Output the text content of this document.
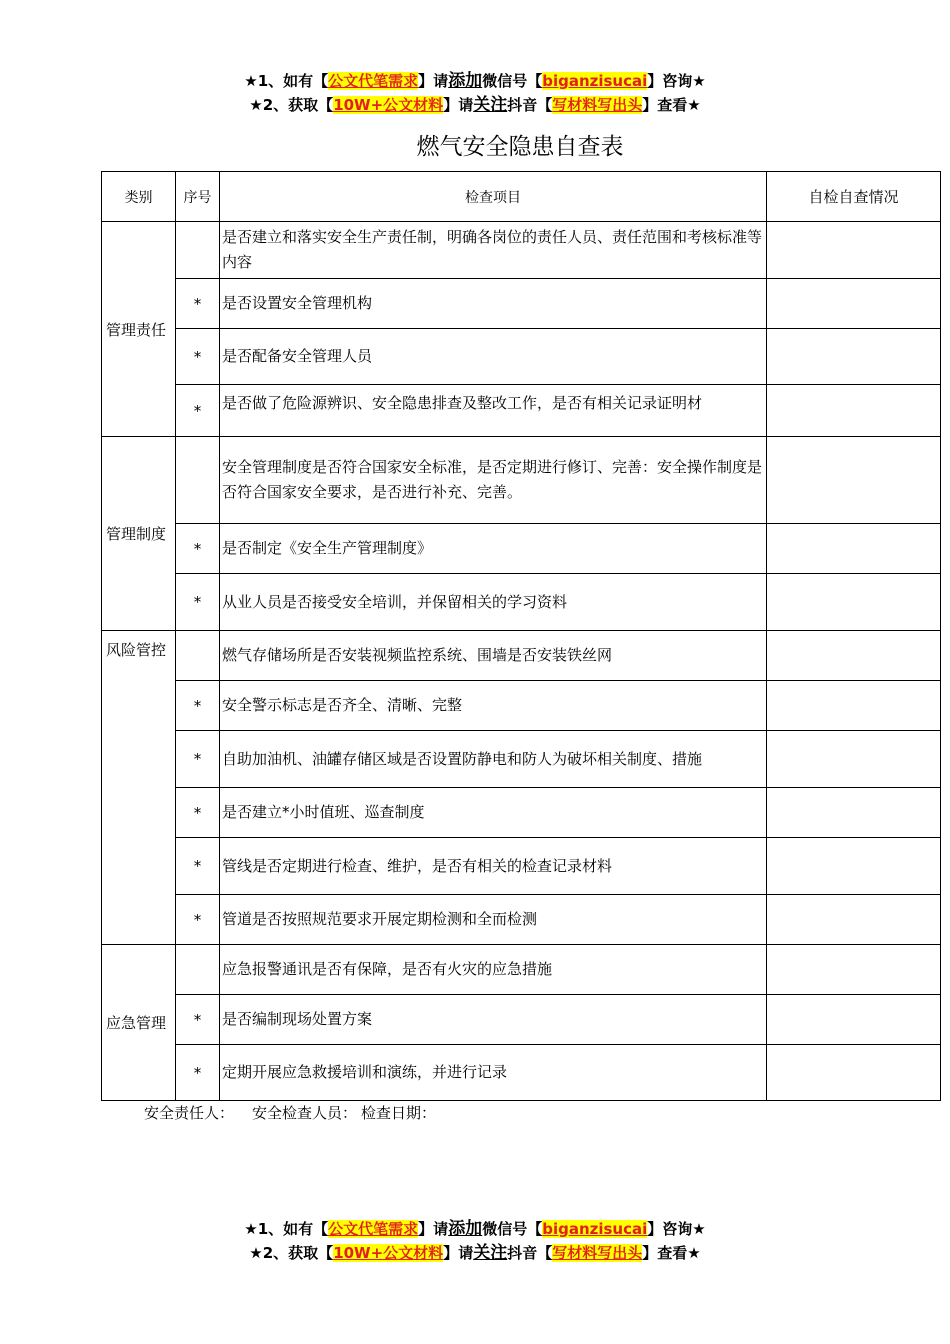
★1、如有【公文代笔需求】请添加微信号【biganzisucai】咨询★
★2、获取【10W+公文材料】请关注抖音【写材料写出头】查看★
燃气安全隐患自查表
类别	序号	检查项目	自检自查情况
管理责任		是否建立和落实安全生产责任制，明确各岗位的责任人员、责任范围和考核标准等内容	
	*	是否设置安全管理机构	
	*	是否配备安全管理人员	
	*	是否做了危险源辨识、安全隐患排查及整改工作，是否有相关记录证明材	
管理制度		安全管理制度是否符合国家安全标准，是否定期进行修订、完善：安全操作制度是否符合国家安全要求，是否进行补充、完善。	
	*	是否制定《安全生产管理制度》	
	*	从业人员是否接受安全培训，并保留相关的学习资料	
风险管控		燃气存储场所是否安装视频监控系统、围墙是否安装铁丝网	
	*	安全警示标志是否齐全、清晰、完整	
	*	自助加油机、油罐存储区域是否设置防静电和防人为破坏相关制度、措施	
	*	是否建立*小时值班、巡查制度	
	*	管线是否定期进行检查、维护，是否有相关的检查记录材料	
	*	管道是否按照规范要求开展定期检测和全而检测	
应急管理		应急报警通讯是否有保障，是否有火灾的应急措施	
	*	是否编制现场处置方案	
	*	定期开展应急救援培训和演练，并进行记录	
安全责任人： 安全检查人员： 检查日期：
★1、如有【公文代笔需求】请添加微信号【biganzisucai】咨询★
★2、获取【10W+公文材料】请关注抖音【写材料写出头】查看★
